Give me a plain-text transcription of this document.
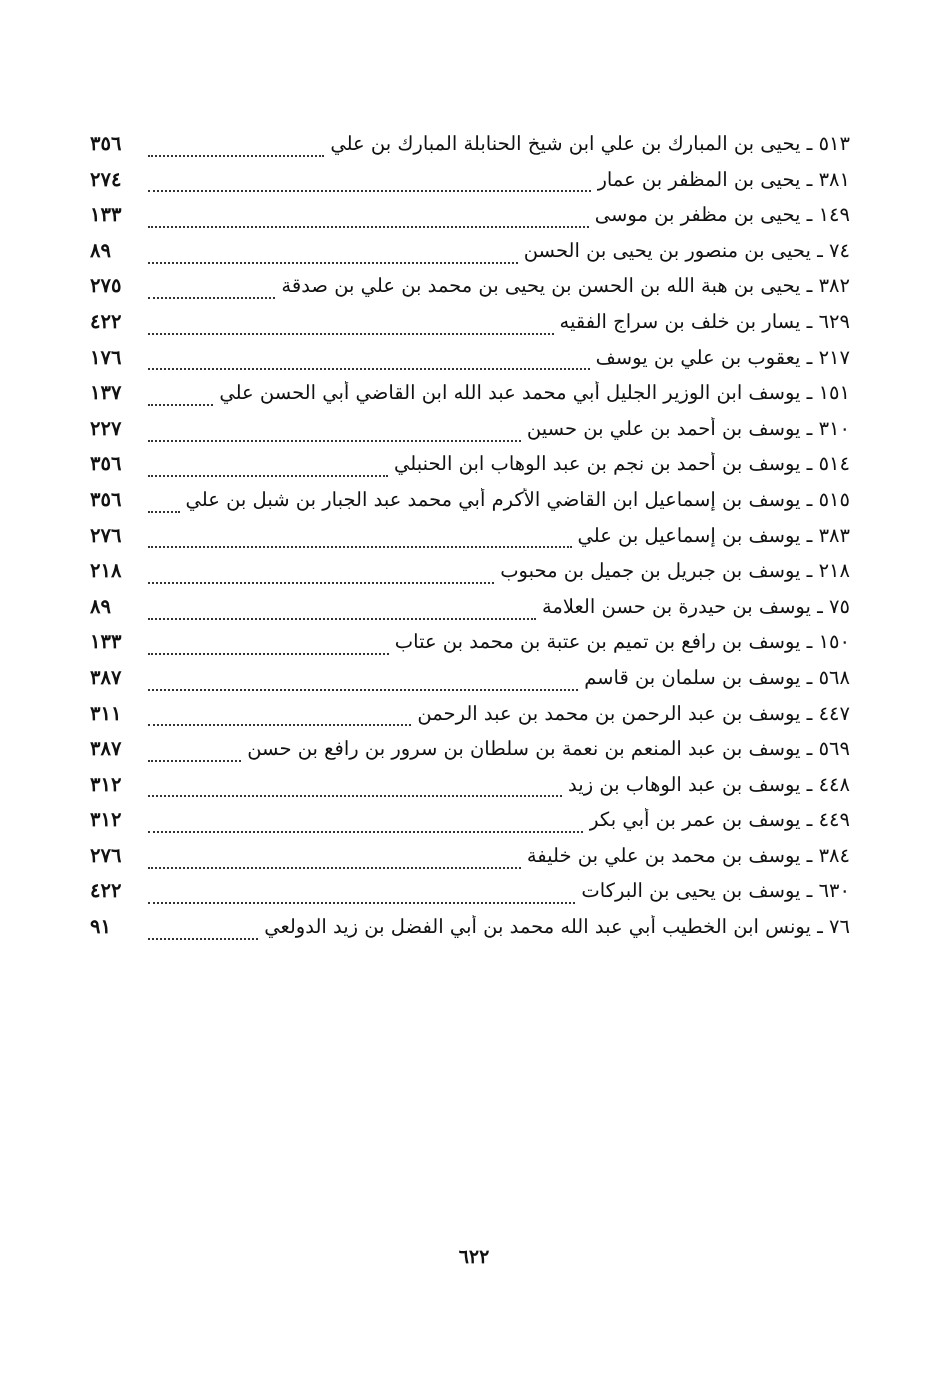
٥١٣ ـ يحيى بن المبارك بن علي ابن شيخ الحنابلة المبارك بن علي
٣٥٦
٣٨١ ـ يحيى بن المظفر بن عمار
٢٧٤
١٤٩ ـ يحيى بن مظفر بن موسى
١٣٣
٧٤ ـ يحيى بن منصور بن يحيى بن الحسن
٨٩
٣٨٢ ـ يحيى بن هبة الله بن الحسن بن يحيى بن محمد بن علي بن صدقة
٢٧٥
٦٢٩ ـ يسار بن خلف بن سراج الفقيه
٤٢٢
٢١٧ ـ يعقوب بن علي بن يوسف
١٧٦
١٥١ ـ يوسف ابن الوزير الجليل أبي محمد عبد الله ابن القاضي أبي الحسن علي
١٣٧
٣١٠ ـ يوسف بن أحمد بن علي بن حسين
٢٢٧
٥١٤ ـ يوسف بن أحمد بن نجم بن عبد الوهاب ابن الحنبلي
٣٥٦
٥١٥ ـ يوسف بن إسماعيل ابن القاضي الأكرم أبي محمد عبد الجبار بن شبل بن علي
٣٥٦
٣٨٣ ـ يوسف بن إسماعيل بن علي
٢٧٦
٢١٨ ـ يوسف بن جبريل بن جميل بن محبوب
٢١٨
٧٥ ـ يوسف بن حيدرة بن حسن العلامة
٨٩
١٥٠ ـ يوسف بن رافع بن تميم بن عتبة بن محمد بن عتاب
١٣٣
٥٦٨ ـ يوسف بن سلمان بن قاسم
٣٨٧
٤٤٧ ـ يوسف بن عبد الرحمن بن محمد بن عبد الرحمن
٣١١
٥٦٩ ـ يوسف بن عبد المنعم بن نعمة بن سلطان بن سرور بن رافع بن حسن
٣٨٧
٤٤٨ ـ يوسف بن عبد الوهاب بن زيد
٣١٢
٤٤٩ ـ يوسف بن عمر بن أبي بكر
٣١٢
٣٨٤ ـ يوسف بن محمد بن علي بن خليفة
٢٧٦
٦٣٠ ـ يوسف بن يحيى بن البركات
٤٢٢
٧٦ ـ يونس ابن الخطيب أبي عبد الله محمد بن أبي الفضل بن زيد الدولعي
٩١
٦٢٢
